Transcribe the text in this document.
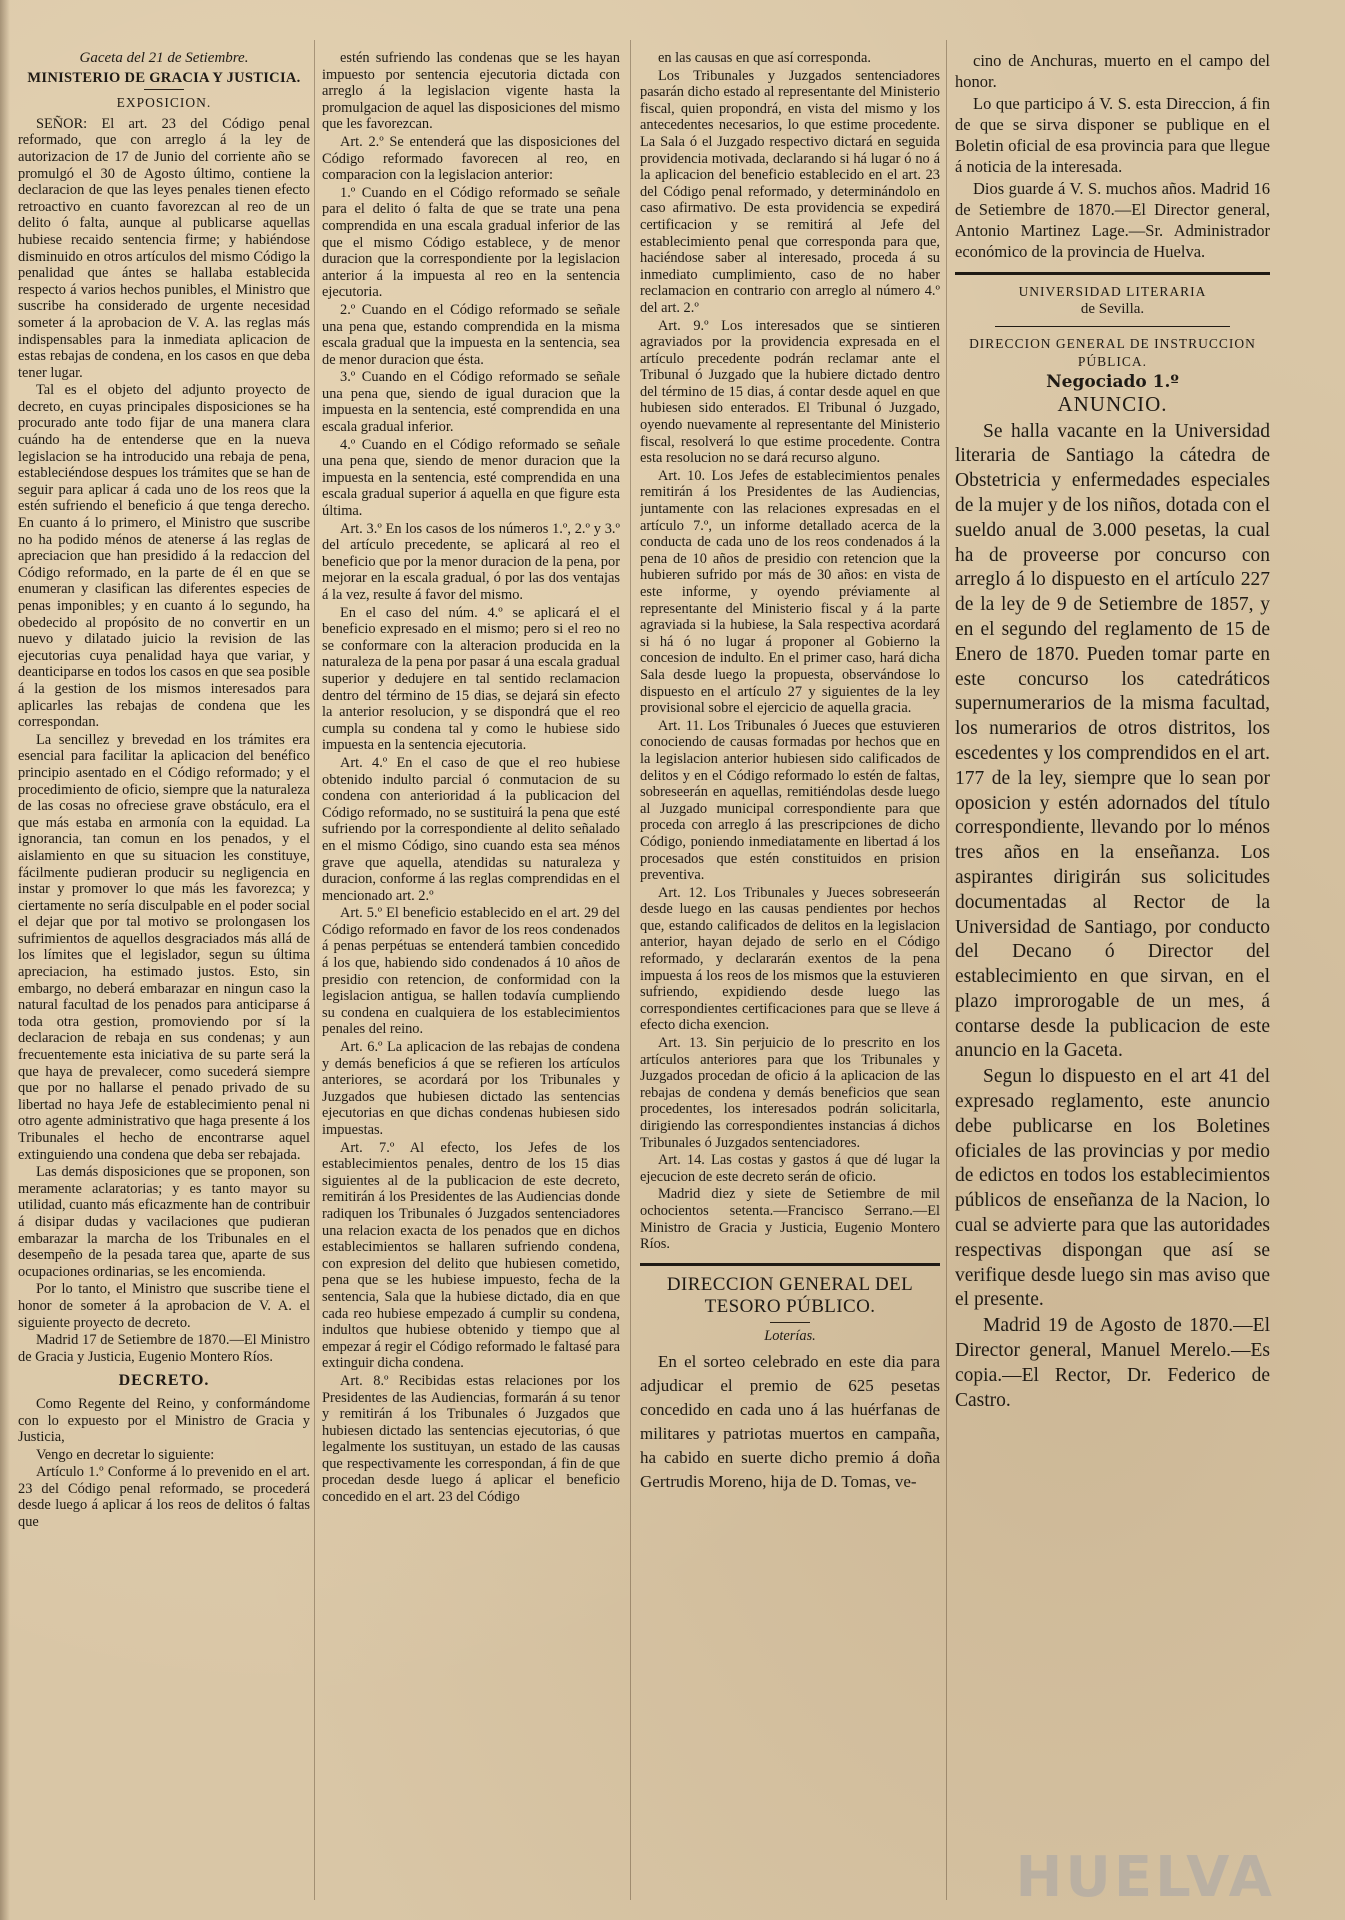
Gaceta del 21 de Setiembre.
MINISTERIO DE GRACIA Y JUSTICIA.
EXPOSICION.

SEÑOR: El art. 23 del Código penal reformado, que con arreglo á la ley de autorizacion de 17 de Junio del corriente año se promulgó el 30 de Agosto último, contiene la declaracion de que las leyes penales tienen efecto retroactivo en cuanto favorezcan al reo de un delito ó falta, aunque al publicarse aquellas hubiese recaido sentencia firme; y habiéndose disminuido en otros artículos del mismo Código la penalidad que ántes se hallaba establecida respecto á varios hechos punibles, el Ministro que suscribe ha considerado de urgente necesidad someter á la aprobacion de V. A. las reglas más indispensables para la inmediata aplicacion de estas rebajas de condena, en los casos en que deba tener lugar.

Tal es el objeto del adjunto proyecto de decreto, en cuyas principales disposiciones se ha procurado ante todo fijar de una manera clara cuándo ha de entenderse que en la nueva legislacion se ha introducido una rebaja de pena, estableciéndose despues los trámites que se han de seguir para aplicar á cada uno de los reos que la estén sufriendo el beneficio á que tenga derecho. En cuanto á lo primero, el Ministro que suscribe no ha podido ménos de atenerse á las reglas de apreciacion que han presidido á la redaccion del Código reformado, en la parte de él en que se enumeran y clasifican las diferentes especies de penas imponibles; y en cuanto á lo segundo, ha obedecido al propósito de no convertir en un nuevo y dilatado juicio la revision de las ejecutorias cuya penalidad haya que variar, y deanticiparse en todos los casos en que sea posible á la gestion de los mismos interesados para aplicarles las rebajas de condena que les correspondan.

La sencillez y brevedad en los trámites era esencial para facilitar la aplicacion del benéfico principio asentado en el Código reformado; y el procedimiento de oficio, siempre que la naturaleza de las cosas no ofreciese grave obstáculo, era el que más estaba en armonía con la equidad. La ignorancia, tan comun en los penados, y el aislamiento en que su situacion les constituye, fácilmente pudieran producir su negligencia en instar y promover lo que más les favorezca; y ciertamente no sería disculpable en el poder social el dejar que por tal motivo se prolongasen los sufrimientos de aquellos desgraciados más allá de los límites que el legislador, segun su última apreciacion, ha estimado justos. Esto, sin embargo, no deberá embarazar en ningun caso la natural facultad de los penados para anticiparse á toda otra gestion, promoviendo por sí la declaracion de rebaja en sus condenas; y aun frecuentemente esta iniciativa de su parte será la que haya de prevalecer, como sucederá siempre que por no hallarse el penado privado de su libertad no haya Jefe de establecimiento penal ni otro agente administrativo que haga presente á los Tribunales el hecho de encontrarse aquel extinguiendo una condena que deba ser rebajada.

Las demás disposiciones que se proponen, son meramente aclaratorias; y es tanto mayor su utilidad, cuanto más eficazmente han de contribuir á disipar dudas y vacilaciones que pudieran embarazar la marcha de los Tribunales en el desempeño de la pesada tarea que, aparte de sus ocupaciones ordinarias, se les encomienda.

Por lo tanto, el Ministro que suscribe tiene el honor de someter á la aprobacion de V. A. el siguiente proyecto de decreto.

Madrid 17 de Setiembre de 1870.—El Ministro de Gracia y Justicia, Eugenio Montero Ríos.

DECRETO.

Como Regente del Reino, y conformándome con lo expuesto por el Ministro de Gracia y Justicia,

Vengo en decretar lo siguiente:

Artículo 1.º Conforme á lo prevenido en el art. 23 del Código penal reformado, se procederá desde luego á aplicar á los reos de delitos ó faltas que

estén sufriendo las condenas que se les hayan impuesto por sentencia ejecutoria dictada con arreglo á la legislacion vigente hasta la promulgacion de aquel las disposiciones del mismo que les favorezcan.

Art. 2.º Se entenderá que las disposiciones del Código reformado favorecen al reo, en comparacion con la legislacion anterior:

1.º Cuando en el Código reformado se señale para el delito ó falta de que se trate una pena comprendida en una escala gradual inferior de las que el mismo Código establece, y de menor duracion que la correspondiente por la legislacion anterior á la impuesta al reo en la sentencia ejecutoria.

2.º Cuando en el Código reformado se señale una pena que, estando comprendida en la misma escala gradual que la impuesta en la sentencia, sea de menor duracion que ésta.

3.º Cuando en el Código reformado se señale una pena que, siendo de igual duracion que la impuesta en la sentencia, esté comprendida en una escala gradual inferior.

4.º Cuando en el Código reformado se señale una pena que, siendo de menor duracion que la impuesta en la sentencia, esté comprendida en una escala gradual superior á aquella en que figure esta última.

Art. 3.º En los casos de los números 1.º, 2.º y 3.º del artículo precedente, se aplicará al reo el beneficio que por la menor duracion de la pena, por mejorar en la escala gradual, ó por las dos ventajas á la vez, resulte á favor del mismo.

En el caso del núm. 4.º se aplicará el el beneficio expresado en el mismo; pero si el reo no se conformare con la alteracion producida en la naturaleza de la pena por pasar á una escala gradual superior y dedujere en tal sentido reclamacion dentro del término de 15 dias, se dejará sin efecto la anterior resolucion, y se dispondrá que el reo cumpla su condena tal y como le hubiese sido impuesta en la sentencia ejecutoria.

Art. 4.º En el caso de que el reo hubiese obtenido indulto parcial ó conmutacion de su condena con anterioridad á la publicacion del Código reformado, no se sustituirá la pena que esté sufriendo por la correspondiente al delito señalado en el mismo Código, sino cuando esta sea ménos grave que aquella, atendidas su naturaleza y duracion, conforme á las reglas comprendidas en el mencionado art. 2.º

Art. 5.º El beneficio establecido en el art. 29 del Código reformado en favor de los reos condenados á penas perpétuas se entenderá tambien concedido á los que, habiendo sido condenados á 10 años de presidio con retencion, de conformidad con la legislacion antigua, se hallen todavía cumpliendo su condena en cualquiera de los establecimientos penales del reino.

Art. 6.º La aplicacion de las rebajas de condena y demás beneficios á que se refieren los artículos anteriores, se acordará por los Tribunales y Juzgados que hubiesen dictado las sentencias ejecutorias en que dichas condenas hubiesen sido impuestas.

Art. 7.º Al efecto, los Jefes de los establecimientos penales, dentro de los 15 dias siguientes al de la publicacion de este decreto, remitirán á los Presidentes de las Audiencias donde radiquen los Tribunales ó Juzgados sentenciadores una relacion exacta de los penados que en dichos establecimientos se hallaren sufriendo condena, con expresion del delito que hubiesen cometido, pena que se les hubiese impuesto, fecha de la sentencia, Sala que la hubiese dictado, dia en que cada reo hubiese empezado á cumplir su condena, indultos que hubiese obtenido y tiempo que al empezar á regir el Código reformado le faltasé para extinguir dicha condena.

Art. 8.º Recibidas estas relaciones por los Presidentes de las Audiencias, formarán á su tenor y remitirán á los Tribunales ó Juzgados que hubiesen dictado las sentencias ejecutorias, ó que legalmente los sustituyan, un estado de las causas que respectivamente les correspondan, á fin de que procedan desde luego á aplicar el beneficio concedido en el art. 23 del Código

en las causas en que así corresponda.

Los Tribunales y Juzgados sentenciadores pasarán dicho estado al representante del Ministerio fiscal, quien propondrá, en vista del mismo y los antecedentes necesarios, lo que estime procedente. La Sala ó el Juzgado respectivo dictará en seguida providencia motivada, declarando si há lugar ó no á la aplicacion del beneficio establecido en el art. 23 del Código penal reformado, y determinándolo en caso afirmativo. De esta providencia se expedirá certificacion y se remitirá al Jefe del establecimiento penal que corresponda para que, haciéndose saber al interesado, proceda á su inmediato cumplimiento, caso de no haber reclamacion en contrario con arreglo al número 4.º del art. 2.º

Art. 9.º Los interesados que se sintieren agraviados por la providencia expresada en el artículo precedente podrán reclamar ante el Tribunal ó Juzgado que la hubiere dictado dentro del término de 15 dias, á contar desde aquel en que hubiesen sido enterados. El Tribunal ó Juzgado, oyendo nuevamente al representante del Ministerio fiscal, resolverá lo que estime procedente. Contra esta resolucion no se dará recurso alguno.

Art. 10. Los Jefes de establecimientos penales remitirán á los Presidentes de las Audiencias, juntamente con las relaciones expresadas en el artículo 7.º, un informe detallado acerca de la conducta de cada uno de los reos condenados á la pena de 10 años de presidio con retencion que la hubieren sufrido por más de 30 años: en vista de este informe, y oyendo préviamente al representante del Ministerio fiscal y á la parte agraviada si la hubiese, la Sala respectiva acordará si há ó no lugar á proponer al Gobierno la concesion de indulto. En el primer caso, hará dicha Sala desde luego la propuesta, observándose lo dispuesto en el artículo 27 y siguientes de la ley provisional sobre el ejercicio de aquella gracia.

Art. 11. Los Tribunales ó Jueces que estuvieren conociendo de causas formadas por hechos que en la legislacion anterior hubiesen sido calificados de delitos y en el Código reformado lo estén de faltas, sobreseerán en aquellas, remitiéndolas desde luego al Juzgado municipal correspondiente para que proceda con arreglo á las prescripciones de dicho Código, poniendo inmediatamente en libertad á los procesados que estén constituidos en prision preventiva.

Art. 12. Los Tribunales y Jueces sobreseerán desde luego en las causas pendientes por hechos que, estando calificados de delitos en la legislacion anterior, hayan dejado de serlo en el Código reformado, y declararán exentos de la pena impuesta á los reos de los mismos que la estuvieren sufriendo, expidiendo desde luego las correspondientes certificaciones para que se lleve á efecto dicha exencion.

Art. 13. Sin perjuicio de lo prescrito en los artículos anteriores para que los Tribunales y Juzgados procedan de oficio á la aplicacion de las rebajas de condena y demás beneficios que sean procedentes, los interesados podrán solicitarla, dirigiendo las correspondientes instancias á dichos Tribunales ó Juzgados sentenciadores.

Art. 14. Las costas y gastos á que dé lugar la ejecucion de este decreto serán de oficio.

Madrid diez y siete de Setiembre de mil ochocientos setenta.—Francisco Serrano.—El Ministro de Gracia y Justicia, Eugenio Montero Ríos.

DIRECCION GENERAL DEL TESORO PÚBLICO.
Loterías.

En el sorteo celebrado en este dia para adjudicar el premio de 625 pesetas concedido en cada uno á las huérfanas de militares y patriotas muertos en campaña, ha cabido en suerte dicho premio á doña Gertrudis Moreno, hija de D. Tomas, ve-

cino de Anchuras, muerto en el campo del honor.

Lo que participo á V. S. esta Direccion, á fin de que se sirva disponer se publique en el Boletin oficial de esa provincia para que llegue á noticia de la interesada.

Dios guarde á V. S. muchos años. Madrid 16 de Setiembre de 1870.—El Director general, Antonio Martinez Lage.—Sr. Administrador económico de la provincia de Huelva.

UNIVERSIDAD LITERARIA
de Sevilla.
DIRECCION GENERAL DE INSTRUCCION PÚBLICA.
Negociado 1.º
ANUNCIO.

Se halla vacante en la Universidad literaria de Santiago la cátedra de Obstetricia y enfermedades especiales de la mujer y de los niños, dotada con el sueldo anual de 3.000 pesetas, la cual ha de proveerse por concurso con arreglo á lo dispuesto en el artículo 227 de la ley de 9 de Setiembre de 1857, y en el segundo del reglamento de 15 de Enero de 1870. Pueden tomar parte en este concurso los catedráticos supernumerarios de la misma facultad, los numerarios de otros distritos, los escedentes y los comprendidos en el art. 177 de la ley, siempre que lo sean por oposicion y estén adornados del título correspondiente, llevando por lo ménos tres años en la enseñanza. Los aspirantes dirigirán sus solicitudes documentadas al Rector de la Universidad de Santiago, por conducto del Decano ó Director del establecimiento en que sirvan, en el plazo improrogable de un mes, á contarse desde la publicacion de este anuncio en la Gaceta.

Segun lo dispuesto en el art 41 del expresado reglamento, este anuncio debe publicarse en los Boletines oficiales de las provincias y por medio de edictos en todos los establecimientos públicos de enseñanza de la Nacion, lo cual se advierte para que las autoridades respectivas dispongan que así se verifique desde luego sin mas aviso que el presente.

Madrid 19 de Agosto de 1870.—El Director general, Manuel Merelo.—Es copia.—El Rector, Dr. Federico de Castro.

HUELVA
